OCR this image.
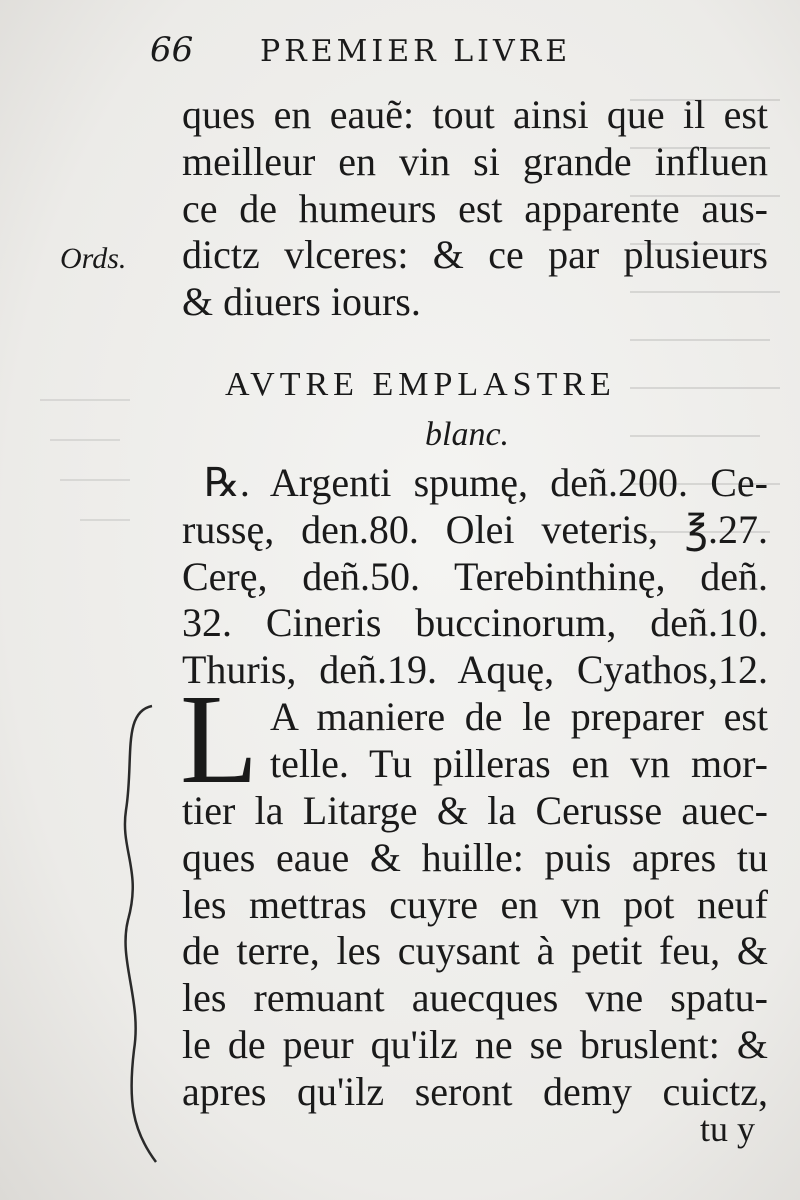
66	PREMIER LIVRE
ques en eauẽ: tout ainsi que il est
meilleur en vin si grande influen
ce de humeurs est apparente aus-
dictz vlceres: & ce par plusieurs
& diuers iours.
Ords.
AVTRE EMPLASTRE
blanc.
℞. Argenti spumę, deñ.200. Ce-
russę, den.80. Olei veteris, ℥.27.
Cerę, deñ.50. Terebinthinę, deñ.
32. Cineris buccinorum, deñ.10.
Thuris, deñ.19. Aquę, Cyathos,12.
L A maniere de le preparer est
telle. Tu pilleras en vn mor-
tier la Litarge & la Cerusse auec-
ques eaue & huille: puis apres tu
les mettras cuyre en vn pot neuf
de terre, les cuysant à petit feu, &
les remuant auecques vne spatu-
le de peur qu'ilz ne se bruslent: &
apres qu'ilz seront demy cuictz,
tu y
